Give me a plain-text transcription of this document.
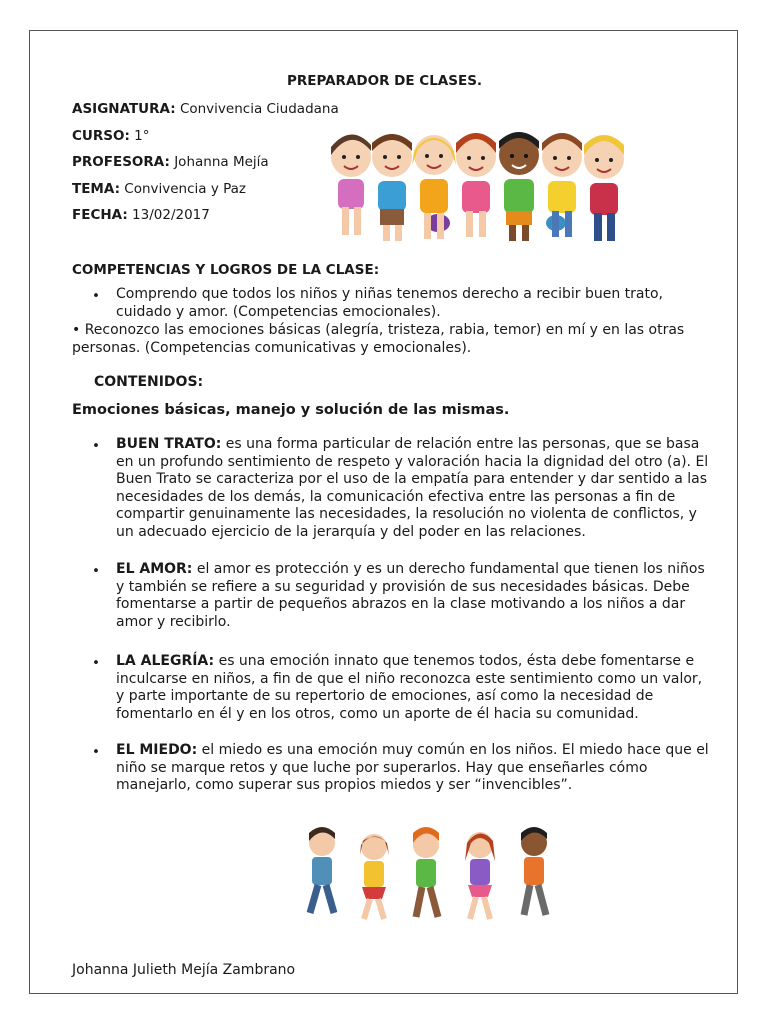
PREPARADOR DE CLASES.
ASIGNATURA: Convivencia Ciudadana
CURSO: 1°
PROFESORA: Johanna Mejía
TEMA: Convivencia y Paz
FECHA: 13/02/2017
COMPETENCIAS Y LOGROS DE LA CLASE:
• Comprendo que todos los niños y niñas tenemos derecho a recibir buen trato, cuidado y amor. (Competencias emocionales).
• Reconozco las emociones básicas (alegría, tristeza, rabia, temor) en mí y en las otras personas. (Competencias comunicativas y emocionales).
CONTENIDOS:
Emociones básicas, manejo y solución de las mismas.
• BUEN TRATO: es una forma particular de relación entre las personas, que se basa en un profundo sentimiento de respeto y valoración hacia la dignidad del otro (a). El Buen Trato se caracteriza por el uso de la empatía para entender y dar sentido a las necesidades de los demás, la comunicación efectiva entre las personas a fin de compartir genuinamente las necesidades, la resolución no violenta de conflictos, y un adecuado ejercicio de la jerarquía y del poder en las relaciones.
• EL AMOR: el amor es protección y es un derecho fundamental que tienen los niños y también se refiere a su seguridad y provisión de sus necesidades básicas. Debe fomentarse a partir de pequeños abrazos en la clase motivando a los niños a dar amor y recibirlo.
• LA ALEGRÍA: es una emoción innato que tenemos todos, ésta debe fomentarse e inculcarse en niños, a fin de que el niño reconozca este sentimiento como un valor, y parte importante de su repertorio de emociones, así como la necesidad de fomentarlo en él y en los otros, como un aporte de él hacia su comunidad.
• EL MIEDO: el miedo es una emoción muy común en los niños. El miedo hace que el niño se marque retos y que luche por superarlos. Hay que enseñarles cómo manejarlo, como superar sus propios miedos y ser “invencibles”.
Johanna Julieth Mejía Zambrano
